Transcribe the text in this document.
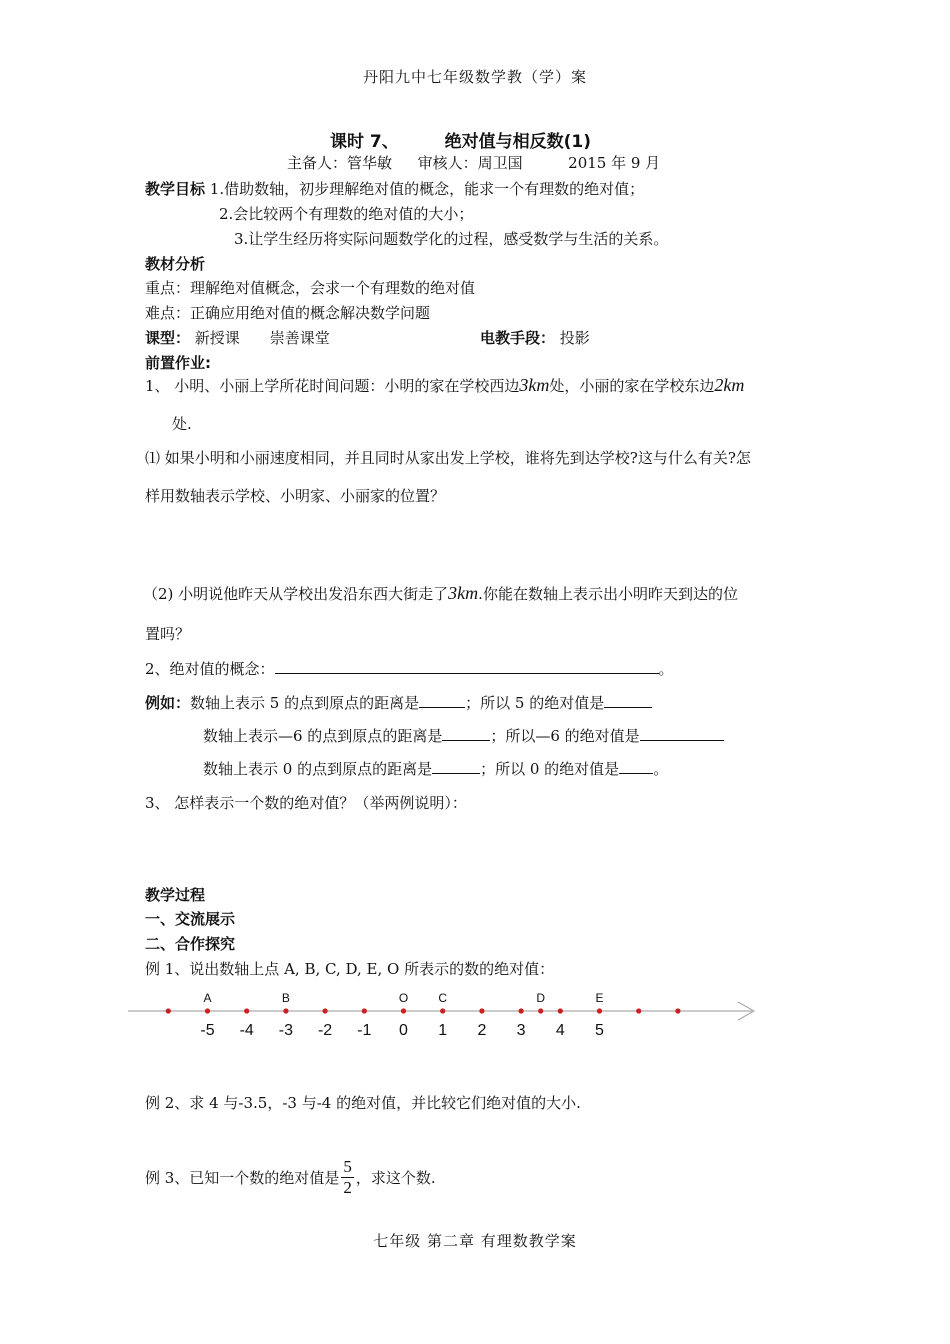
丹阳九中七年级数学教（学）案
课时 7、	绝对值与相反数(1)
主备人：管华敏 审核人：周卫国	2015 年 9 月
教学目标 1.借助数轴，初步理解绝对值的概念，能求一个有理数的绝对值；
2.会比较两个有理数的绝对值的大小；
3.让学生经历将实际问题数学化的过程，感受数学与生活的关系。
教材分析
重点：理解绝对值概念，会求一个有理数的绝对值
难点：正确应用绝对值的概念解决数学问题
课型： 新授课　　崇善课堂	电教手段： 投影
前置作业:
1、 小明、小丽上学所花时间问题：小明的家在学校西边3km处，小丽的家在学校东边2km
处.
⑴ 如果小明和小丽速度相同，并且同时从家出发上学校，谁将先到达学校?这与什么有关?怎
样用数轴表示学校、小明家、小丽家的位置？
（2) 小明说他昨天从学校出发沿东西大街走了3km.你能在数轴上表示出小明昨天到达的位
置吗？
2、绝对值的概念：	。
例如：数轴上表示 5 的点到原点的距离是	；所以 5 的绝对值是
数轴上表示—6 的点到原点的距离是	；所以—6 的绝对值是
数轴上表示 0 的点到原点的距离是	；所以 0 的绝对值是 。
3、 怎样表示一个数的绝对值？（举两例说明）：
教学过程
一、交流展示
二、合作探究
例 1、说出数轴上点 A, B, C, D, E, O 所表示的数的绝对值：
-5 -4 -3 -2 -1 0 1 2 3 4 5
A	B	O	C	D	E
例 2、求 4 与-3.5，-3 与-4 的绝对值，并比较它们绝对值的大小.
例 3、已知一个数的绝对值是 $\frac{5}{2}$ ，求这个数.
七年级 第二章 有理数教学案
